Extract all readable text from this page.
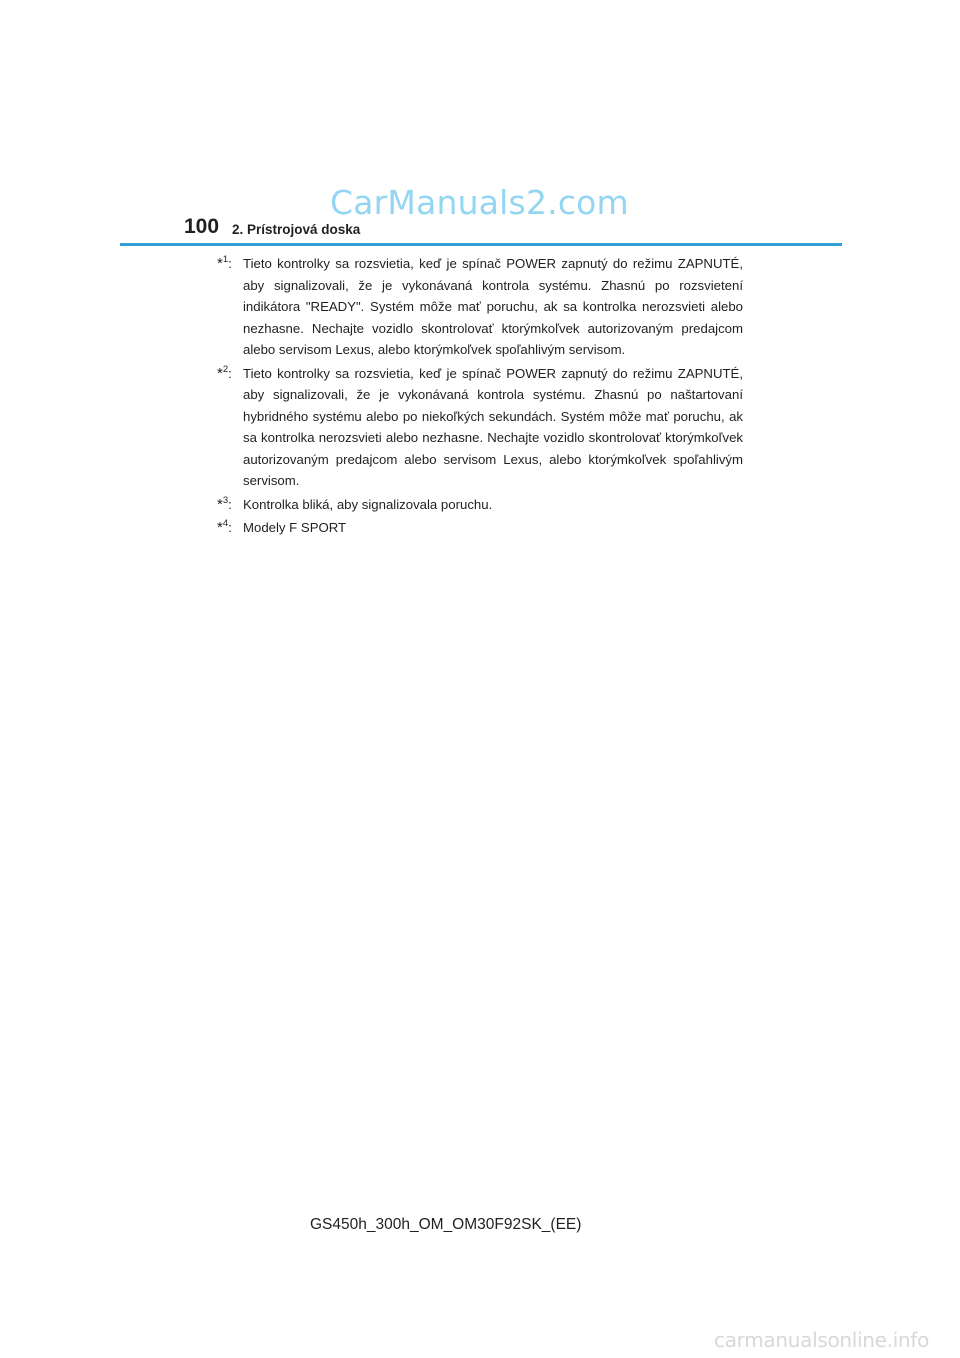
100 2. Prístrojová doska
CarManuals2.com
*$^1$: Tieto kontrolky sa rozsvietia, keď je spínač POWER zapnutý do režimu ZAPNUTÉ, aby signalizovali, že je vykonávaná kontrola systému. Zhasnú po rozsvietení indikátora "READY". Systém môže mať poruchu, ak sa kontrolka nerozsvieti alebo nezhasne. Nechajte vozidlo skontrolovať ktorýmkoľvek autorizovaným predajcom alebo servisom Lexus, alebo ktorýmkoľvek spoľahlivým servisom.
*$^2$: Tieto kontrolky sa rozsvietia, keď je spínač POWER zapnutý do režimu ZAPNUTÉ, aby signalizovali, že je vykonávaná kontrola systému. Zhasnú po naštartovaní hybridného systému alebo po niekoľkých sekundách. Systém môže mať poruchu, ak sa kontrolka nerozsvieti alebo nezhasne. Nechajte vozidlo skontrolovať ktorýmkoľvek autorizovaným predajcom alebo servisom Lexus, alebo ktorýmkoľvek spoľahlivým servisom.
*$^3$: Kontrolka bliká, aby signalizovala poruchu.
*$^4$: Modely F SPORT
GS450h_300h_OM_OM30F92SK_(EE)
carmanualsonline.info
